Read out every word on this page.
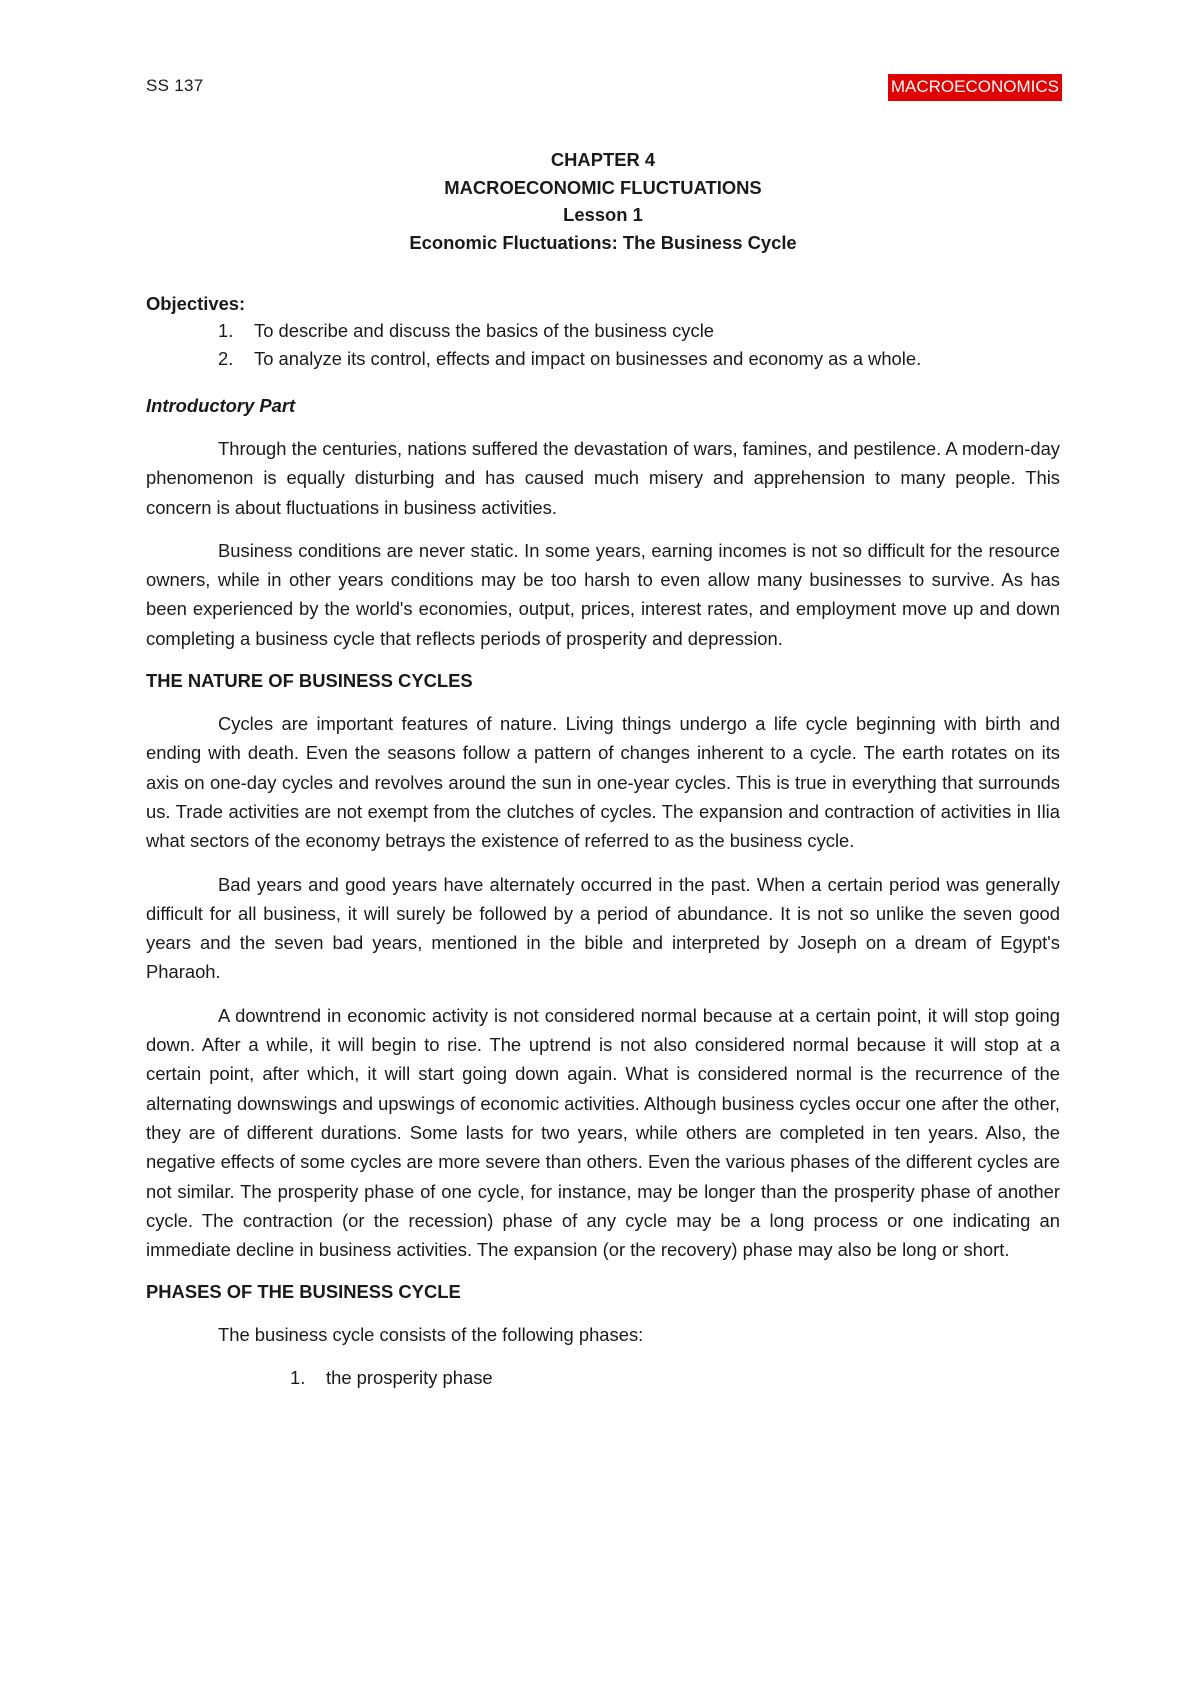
SS 137	MACROECONOMICS
CHAPTER 4
MACROECONOMIC FLUCTUATIONS
Lesson 1
Economic Fluctuations: The Business Cycle
Objectives:
1. To describe and discuss the basics of the business cycle
2. To analyze its control, effects and impact on businesses and economy as a whole.
Introductory Part

Through the centuries, nations suffered the devastation of wars, famines, and pestilence. A modern-day phenomenon is equally disturbing and has caused much misery and apprehension to many people. This concern is about fluctuations in business activities.

Business conditions are never static. In some years, earning incomes is not so difficult for the resource owners, while in other years conditions may be too harsh to even allow many businesses to survive. As has been experienced by the world's economies, output, prices, interest rates, and employment move up and down completing a business cycle that reflects periods of prosperity and depression.

THE NATURE OF BUSINESS CYCLES

Cycles are important features of nature. Living things undergo a life cycle beginning with birth and ending with death. Even the seasons follow a pattern of changes inherent to a cycle. The earth rotates on its axis on one-day cycles and revolves around the sun in one-year cycles. This is true in everything that surrounds us. Trade activities are not exempt from the clutches of cycles. The expansion and contraction of activities in Ilia what sectors of the economy betrays the existence of referred to as the business cycle.

Bad years and good years have alternately occurred in the past. When a certain period was generally difficult for all business, it will surely be followed by a period of abundance. It is not so unlike the seven good years and the seven bad years, mentioned in the bible and interpreted by Joseph on a dream of Egypt's Pharaoh.

A downtrend in economic activity is not considered normal because at a certain point, it will stop going down. After a while, it will begin to rise. The uptrend is not also considered normal because it will stop at a certain point, after which, it will start going down again. What is considered normal is the recurrence of the alternating downswings and upswings of economic activities. Although business cycles occur one after the other, they are of different durations. Some lasts for two years, while others are completed in ten years. Also, the negative effects of some cycles are more severe than others. Even the various phases of the different cycles are not similar. The prosperity phase of one cycle, for instance, may be longer than the prosperity phase of another cycle. The contraction (or the recession) phase of any cycle may be a long process or one indicating an immediate decline in business activities. The expansion (or the recovery) phase may also be long or short.

PHASES OF THE BUSINESS CYCLE

The business cycle consists of the following phases:

1. the prosperity phase
